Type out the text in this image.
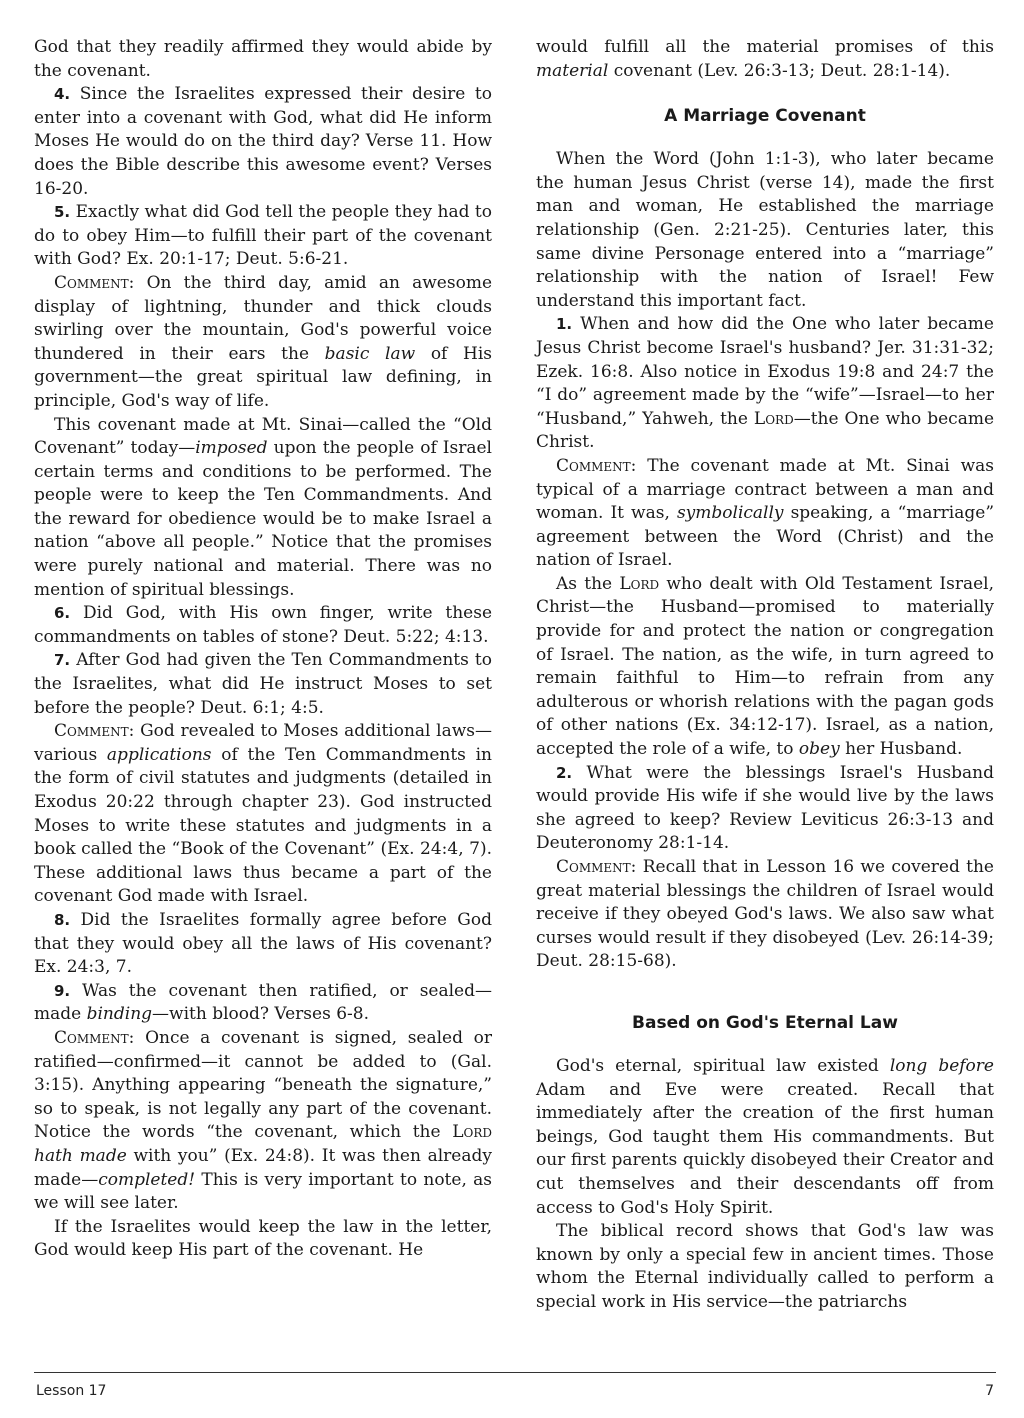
God that they readily affirmed they would abide by the covenant.

4. Since the Israelites expressed their desire to enter into a covenant with God, what did He inform Moses He would do on the third day? Verse 11. How does the Bible describe this awesome event? Verses 16-20.

5. Exactly what did God tell the people they had to do to obey Him—to fulfill their part of the covenant with God? Ex. 20:1-17; Deut. 5:6-21.

Comment: On the third day, amid an awesome display of lightning, thunder and thick clouds swirling over the mountain, God's powerful voice thundered in their ears the basic law of His government—the great spiritual law defining, in principle, God's way of life.

This covenant made at Mt. Sinai—called the “Old Covenant” today—imposed upon the people of Israel certain terms and conditions to be performed. The people were to keep the Ten Commandments. And the reward for obedience would be to make Israel a nation “above all people.” Notice that the promises were purely national and material. There was no mention of spiritual blessings.

6. Did God, with His own finger, write these commandments on tables of stone? Deut. 5:22; 4:13.

7. After God had given the Ten Commandments to the Israelites, what did He instruct Moses to set before the people? Deut. 6:1; 4:5.

Comment: God revealed to Moses additional laws—various applications of the Ten Commandments in the form of civil statutes and judgments (detailed in Exodus 20:22 through chapter 23). God instructed Moses to write these statutes and judgments in a book called the “Book of the Covenant” (Ex. 24:4, 7). These additional laws thus became a part of the covenant God made with Israel.

8. Did the Israelites formally agree before God that they would obey all the laws of His covenant? Ex. 24:3, 7.

9. Was the covenant then ratified, or sealed—made binding—with blood? Verses 6-8.

Comment: Once a covenant is signed, sealed or ratified—confirmed—it cannot be added to (Gal. 3:15). Anything appearing “beneath the signature,” so to speak, is not legally any part of the covenant. Notice the words “the covenant, which the Lord hath made with you” (Ex. 24:8). It was then already made—completed! This is very important to note, as we will see later.

If the Israelites would keep the law in the letter, God would keep His part of the covenant. He

would fulfill all the material promises of this material covenant (Lev. 26:3-13; Deut. 28:1-14).

A Marriage Covenant

When the Word (John 1:1-3), who later became the human Jesus Christ (verse 14), made the first man and woman, He established the marriage relationship (Gen. 2:21-25). Centuries later, this same divine Personage entered into a “marriage” relationship with the nation of Israel! Few understand this important fact.

1. When and how did the One who later became Jesus Christ become Israel's husband? Jer. 31:31-32; Ezek. 16:8. Also notice in Exodus 19:8 and 24:7 the “I do” agreement made by the “wife”—Israel—to her “Husband,” Yahweh, the Lord—the One who became Christ.

Comment: The covenant made at Mt. Sinai was typical of a marriage contract between a man and woman. It was, symbolically speaking, a “marriage” agreement between the Word (Christ) and the nation of Israel.

As the Lord who dealt with Old Testament Israel, Christ—the Husband—promised to materially provide for and protect the nation or congregation of Israel. The nation, as the wife, in turn agreed to remain faithful to Him—to refrain from any adulterous or whorish relations with the pagan gods of other nations (Ex. 34:12-17). Israel, as a nation, accepted the role of a wife, to obey her Husband.

2. What were the blessings Israel's Husband would provide His wife if she would live by the laws she agreed to keep? Review Leviticus 26:3-13 and Deuteronomy 28:1-14.

Comment: Recall that in Lesson 16 we covered the great material blessings the children of Israel would receive if they obeyed God's laws. We also saw what curses would result if they disobeyed (Lev. 26:14-39; Deut. 28:15-68).

Based on God's Eternal Law

God's eternal, spiritual law existed long before Adam and Eve were created. Recall that immediately after the creation of the first human beings, God taught them His commandments. But our first parents quickly disobeyed their Creator and cut themselves and their descendants off from access to God's Holy Spirit.

The biblical record shows that God's law was known by only a special few in ancient times. Those whom the Eternal individually called to perform a special work in His service—the patriarchs

Lesson 17	7
